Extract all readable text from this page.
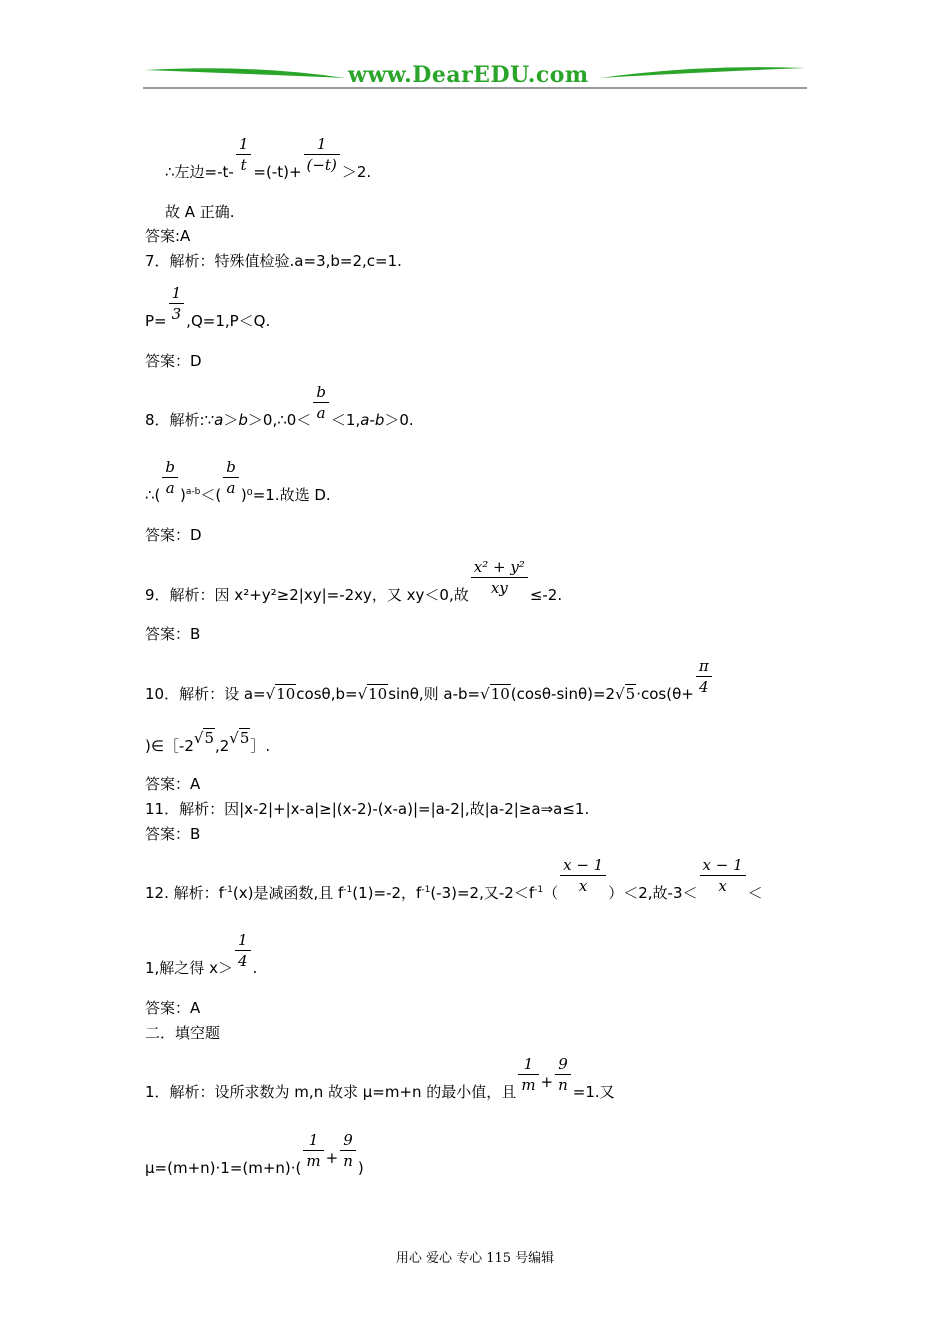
www.DearEDU.com
∴左边$=-t- \frac{1}{t} =(-t)+ \frac{1}{(-t)} >2$.
故 A 正确.
答案:A
7．解析：特殊值检验.a=3,b=2,c=1.
$P= \frac{1}{3} ,Q=1,P<Q$.
答案：D
8．解析:∵a＞b＞0,∴0＜ $\frac{b}{a} <1,a-b>0$.
∴( $\frac{b}{a} )^{a-b}<( \frac{b}{a} )^0=1$.故选 D.
答案：D
9．解析：因 x²+y²≥2|xy|=-2xy，又 xy＜0,故 $\frac{\text{x² + y²}}{xy} \le-2$.
答案：B
10．解析：设 a=√10cosθ,b=√10sinθ,则 $a-b=√10(\cos\theta-\sin\theta)=2√5\cdot\cos(\theta+ \frac{\pi}{4}$
)∈［-2√5,2√5］.
答案：A
11．解析：因|x-2|+|x-a|≥|(x-2)-(x-a)|=|a-2|,故|a-2|≥a⇒a≤1.
答案：B
12. 解析：$f^{-1}(x)$是减函数,且 $f^{-1}(1)=-2$，$f^{-1}(-3)=2$,又$-2<f^{-1}( \frac{x - 1}{x} )<2$,故$-3< \frac{x - 1}{x}$ ＜
1,解之得 $x> \frac{1}{4}$ .
答案：A
二．填空题
1．解析：设所求数为 m,n 故求 μ=m+n 的最小值，且 $\frac{1}{m} + \frac{9}{n} =1$.又
$\mu=(m+n)\cdot 1=(m+n)\cdot( \frac{1}{m} + \frac{9}{n}$ )
用心 爱心 专心 115 号编辑
